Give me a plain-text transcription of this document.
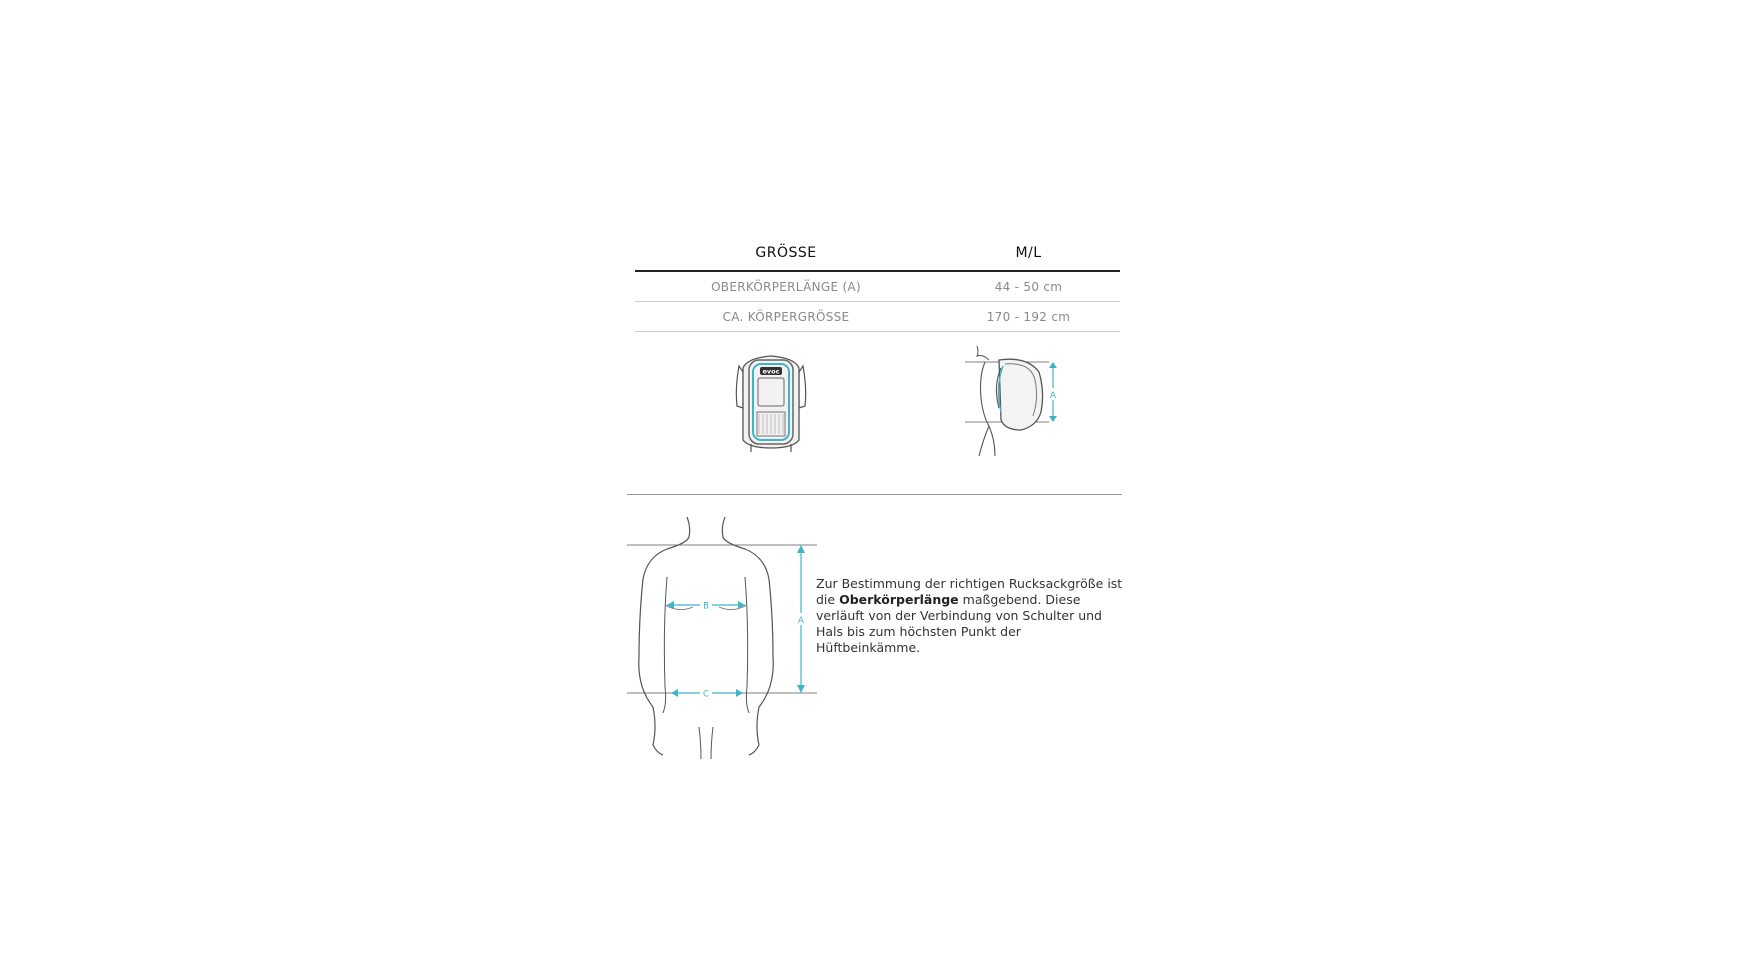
GRÖSSE	M/L
OBERKÖRPERLÄNGE (A)	44 - 50 cm
CA. KÖRPERGRÖSSE	170 - 192 cm
evoc
A
A
B
C

Zur Bestimmung der richtigen Rucksackgröße ist die Oberkörperlänge maßgebend. Diese verläuft von der Verbindung von Schulter und Hals bis zum höchsten Punkt der Hüftbeinkämme.
